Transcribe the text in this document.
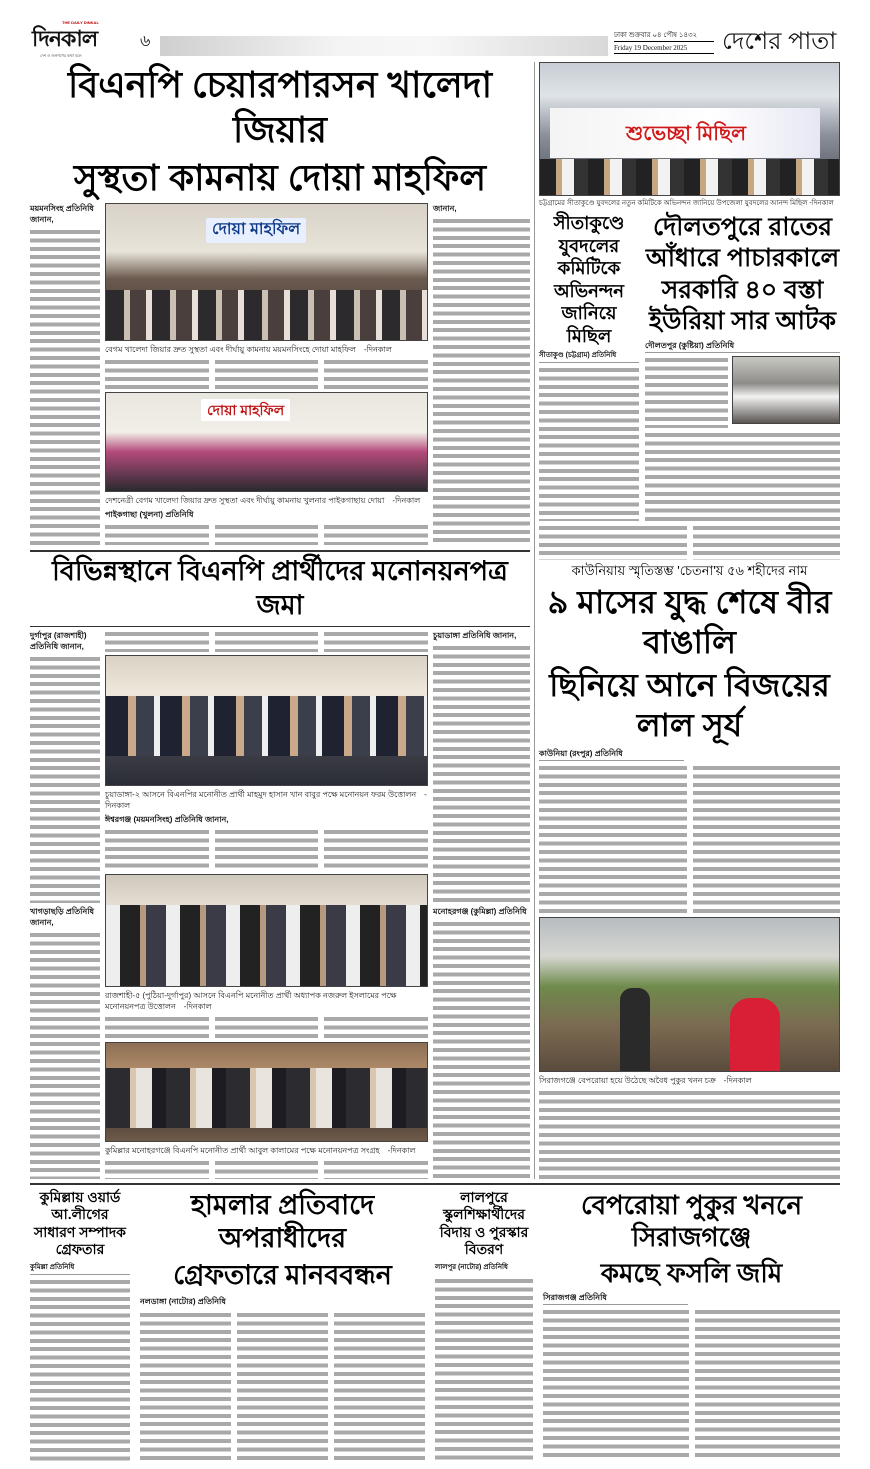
THE DAILY DINKAL
দিনকাল
দেশ ও জনগণের কথা বলে
৬	ঢাকা শুক্রবার ০৪ পৌষ ১৪৩২
Friday 19 December 2025	দেশের পাতা
বিএনপি চেয়ারপারসন খালেদা জিয়ার
সুস্থতা কামনায় দোয়া মাহফিল
ময়মনসিংহ প্রতিনিধি জানান,
দোয়া মাহফিল
বেগম খালেদা জিয়ার দ্রুত সুস্থতা এবং দীর্ঘায়ু কামনায় ময়মনসিংহে দোয়া মাহফিল -দিনকাল
দোয়া মাহফিল
দেশনেত্রী বেগম খালেদা জিয়ার দ্রুত সুস্থতা এবং দীর্ঘায়ু কামনায় খুলনার পাইকগাছায় দোয়া -দিনকাল
পাইকগাছা (খুলনা) প্রতিনিধি
জানান,
বিভিন্নস্থানে বিএনপি প্রার্থীদের মনোনয়নপত্র জমা
দুর্গাপুর (রাজশাহী) প্রতিনিধি জানান,
খাগড়াছড়ি প্রতিনিধি জানান,
চুয়াডাঙ্গা-২ আসনে বিএনপির মনোনীত প্রার্থী মাহমুদ হাসান খান বাবুর পক্ষে মনোনয়ন ফরম উত্তোলন -দিনকাল
ঈশ্বরগঞ্জ (ময়মনসিংহ) প্রতিনিধি জানান,
রাজশাহী-৫ (পুঠিয়া-দুর্গাপুর) আসনে বিএনপি মনোনীত প্রার্থী অধ্যাপক নজরুল ইসলামের পক্ষে মনোনয়নপত্র উত্তোলন -দিনকাল
কুমিল্লার মনোহরগঞ্জে বিএনপি মনোনীত প্রার্থী আবুল কালামের পক্ষে মনোনয়নপত্র সংগ্রহ -দিনকাল
চুয়াডাঙ্গা প্রতিনিধি জানান,
মনোহরগঞ্জ (কুমিল্লা) প্রতিনিধি
শুভেচ্ছা মিছিল
চট্টগ্রামের সীতাকুণ্ডে যুবদলের নতুন কমিটিকে অভিনন্দন জানিয়ে উপজেলা যুবদলের আনন্দ মিছিল -দিনকাল
সীতাকুণ্ডে যুবদলের কমিটিকে অভিনন্দন জানিয়ে মিছিল
সীতাকুণ্ড (চট্টগ্রাম) প্রতিনিধি
দৌলতপুরে রাতের আঁধারে পাচারকালে সরকারি ৪০ বস্তা ইউরিয়া সার আটক
দৌলতপুর (কুষ্টিয়া) প্রতিনিধি
কাউনিয়ায় স্মৃতিস্তম্ভ 'চেতনা'য় ৫৬ শহীদের নাম
৯ মাসের যুদ্ধ শেষে বীর বাঙালি
ছিনিয়ে আনে বিজয়ের লাল সূর্য
কাউনিয়া (রংপুর) প্রতিনিধি
সিরাজগঞ্জে বেপরোয়া হয়ে উঠেছে অবৈধ পুকুর খনন চক্র -দিনকাল
কুমিল্লায় ওয়ার্ড আ.লীগের সাধারণ সম্পাদক গ্রেফতার
কুমিল্লা প্রতিনিধি
হামলার প্রতিবাদে অপরাধীদের
গ্রেফতারে মানববন্ধন
নলডাঙ্গা (নাটোর) প্রতিনিধি
লালপুরে স্কুলশিক্ষার্থীদের বিদায় ও পুরস্কার বিতরণ
লালপুর (নাটোর) প্রতিনিধি
বেপরোয়া পুকুর খননে সিরাজগঞ্জে
কমছে ফসলি জমি
সিরাজগঞ্জ প্রতিনিধি
